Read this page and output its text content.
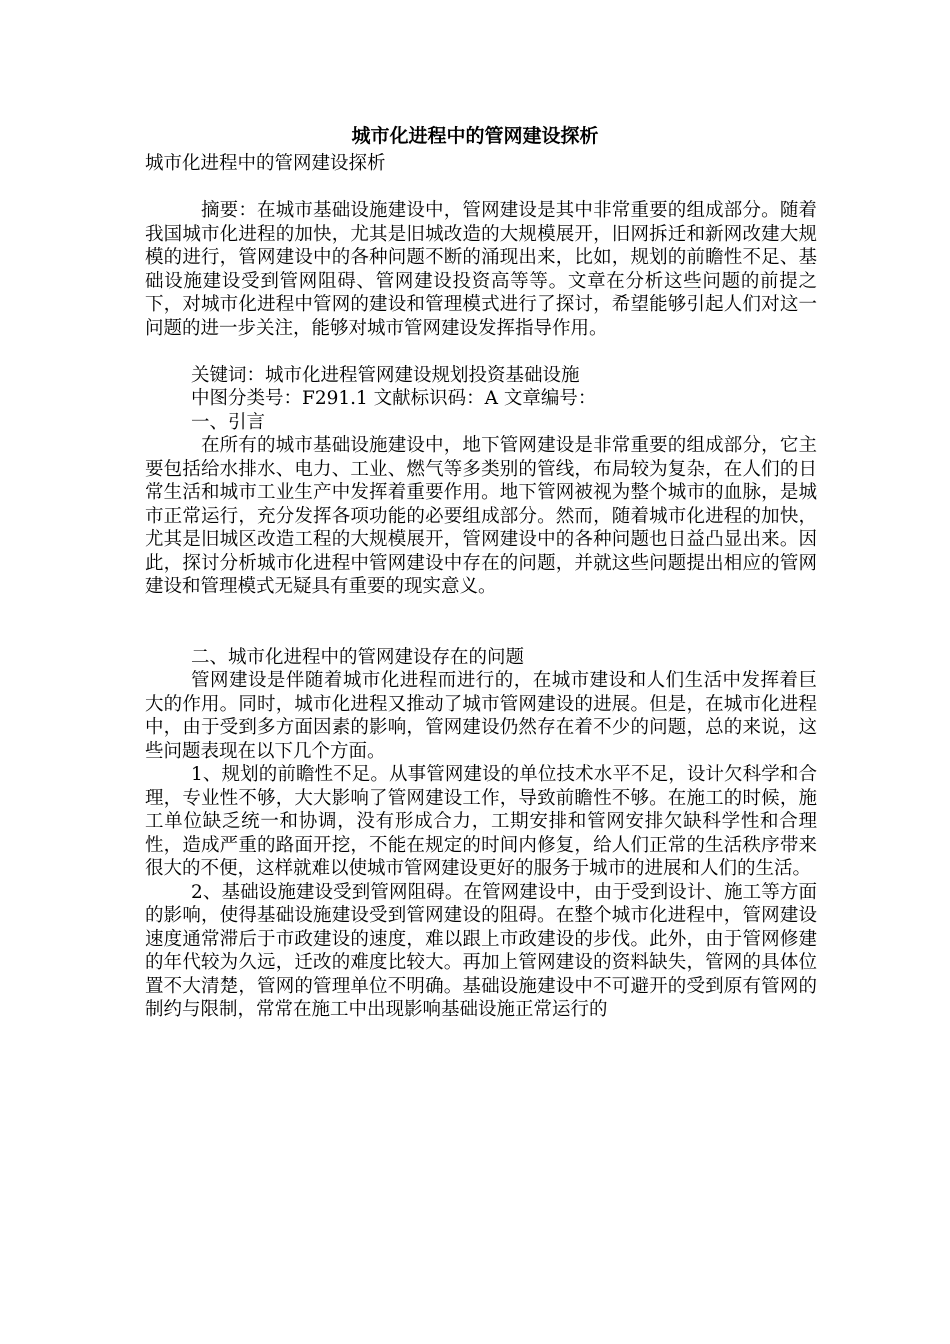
城市化进程中的管网建设探析

城市化进程中的管网建设探析

摘要：在城市基础设施建设中，管网建设是其中非常重要的组成部分。随着我国城市化进程的加快，尤其是旧城改造的大规模展开，旧网拆迁和新网改建大规模的进行，管网建设中的各种问题不断的涌现出来，比如，规划的前瞻性不足、基础设施建设受到管网阻碍、管网建设投资高等等。文章在分析这些问题的前提之下，对城市化进程中管网的建设和管理模式进行了探讨，希望能够引起人们对这一问题的进一步关注，能够对城市管网建设发挥指导作用。

关键词：城市化进程管网建设规划投资基础设施

中图分类号：F291.1 文献标识码：A 文章编号：

一、引言

在所有的城市基础设施建设中，地下管网建设是非常重要的组成部分，它主要包括给水排水、电力、工业、燃气等多类别的管线，布局较为复杂，在人们的日常生活和城市工业生产中发挥着重要作用。地下管网被视为整个城市的血脉，是城市正常运行，充分发挥各项功能的必要组成部分。然而，随着城市化进程的加快，尤其是旧城区改造工程的大规模展开，管网建设中的各种问题也日益凸显出来。因此，探讨分析城市化进程中管网建设中存在的问题，并就这些问题提出相应的管网建设和管理模式无疑具有重要的现实意义。

二、城市化进程中的管网建设存在的问题

管网建设是伴随着城市化进程而进行的，在城市建设和人们生活中发挥着巨大的作用。同时，城市化进程又推动了城市管网建设的进展。但是，在城市化进程中，由于受到多方面因素的影响，管网建设仍然存在着不少的问题，总的来说，这些问题表现在以下几个方面。

1、规划的前瞻性不足。从事管网建设的单位技术水平不足，设计欠科学和合理，专业性不够，大大影响了管网建设工作，导致前瞻性不够。在施工的时候，施工单位缺乏统一和协调，没有形成合力，工期安排和管网安排欠缺科学性和合理性，造成严重的路面开挖，不能在规定的时间内修复，给人们正常的生活秩序带来很大的不便，这样就难以使城市管网建设更好的服务于城市的进展和人们的生活。

2、基础设施建设受到管网阻碍。在管网建设中，由于受到设计、施工等方面的影响，使得基础设施建设受到管网建设的阻碍。在整个城市化进程中，管网建设速度通常滞后于市政建设的速度，难以跟上市政建设的步伐。此外，由于管网修建的年代较为久远，迁改的难度比较大。再加上管网建设的资料缺失，管网的具体位置不大清楚，管网的管理单位不明确。基础设施建设中不可避开的受到原有管网的制约与限制，常常在施工中出现影响基础设施正常运行的
